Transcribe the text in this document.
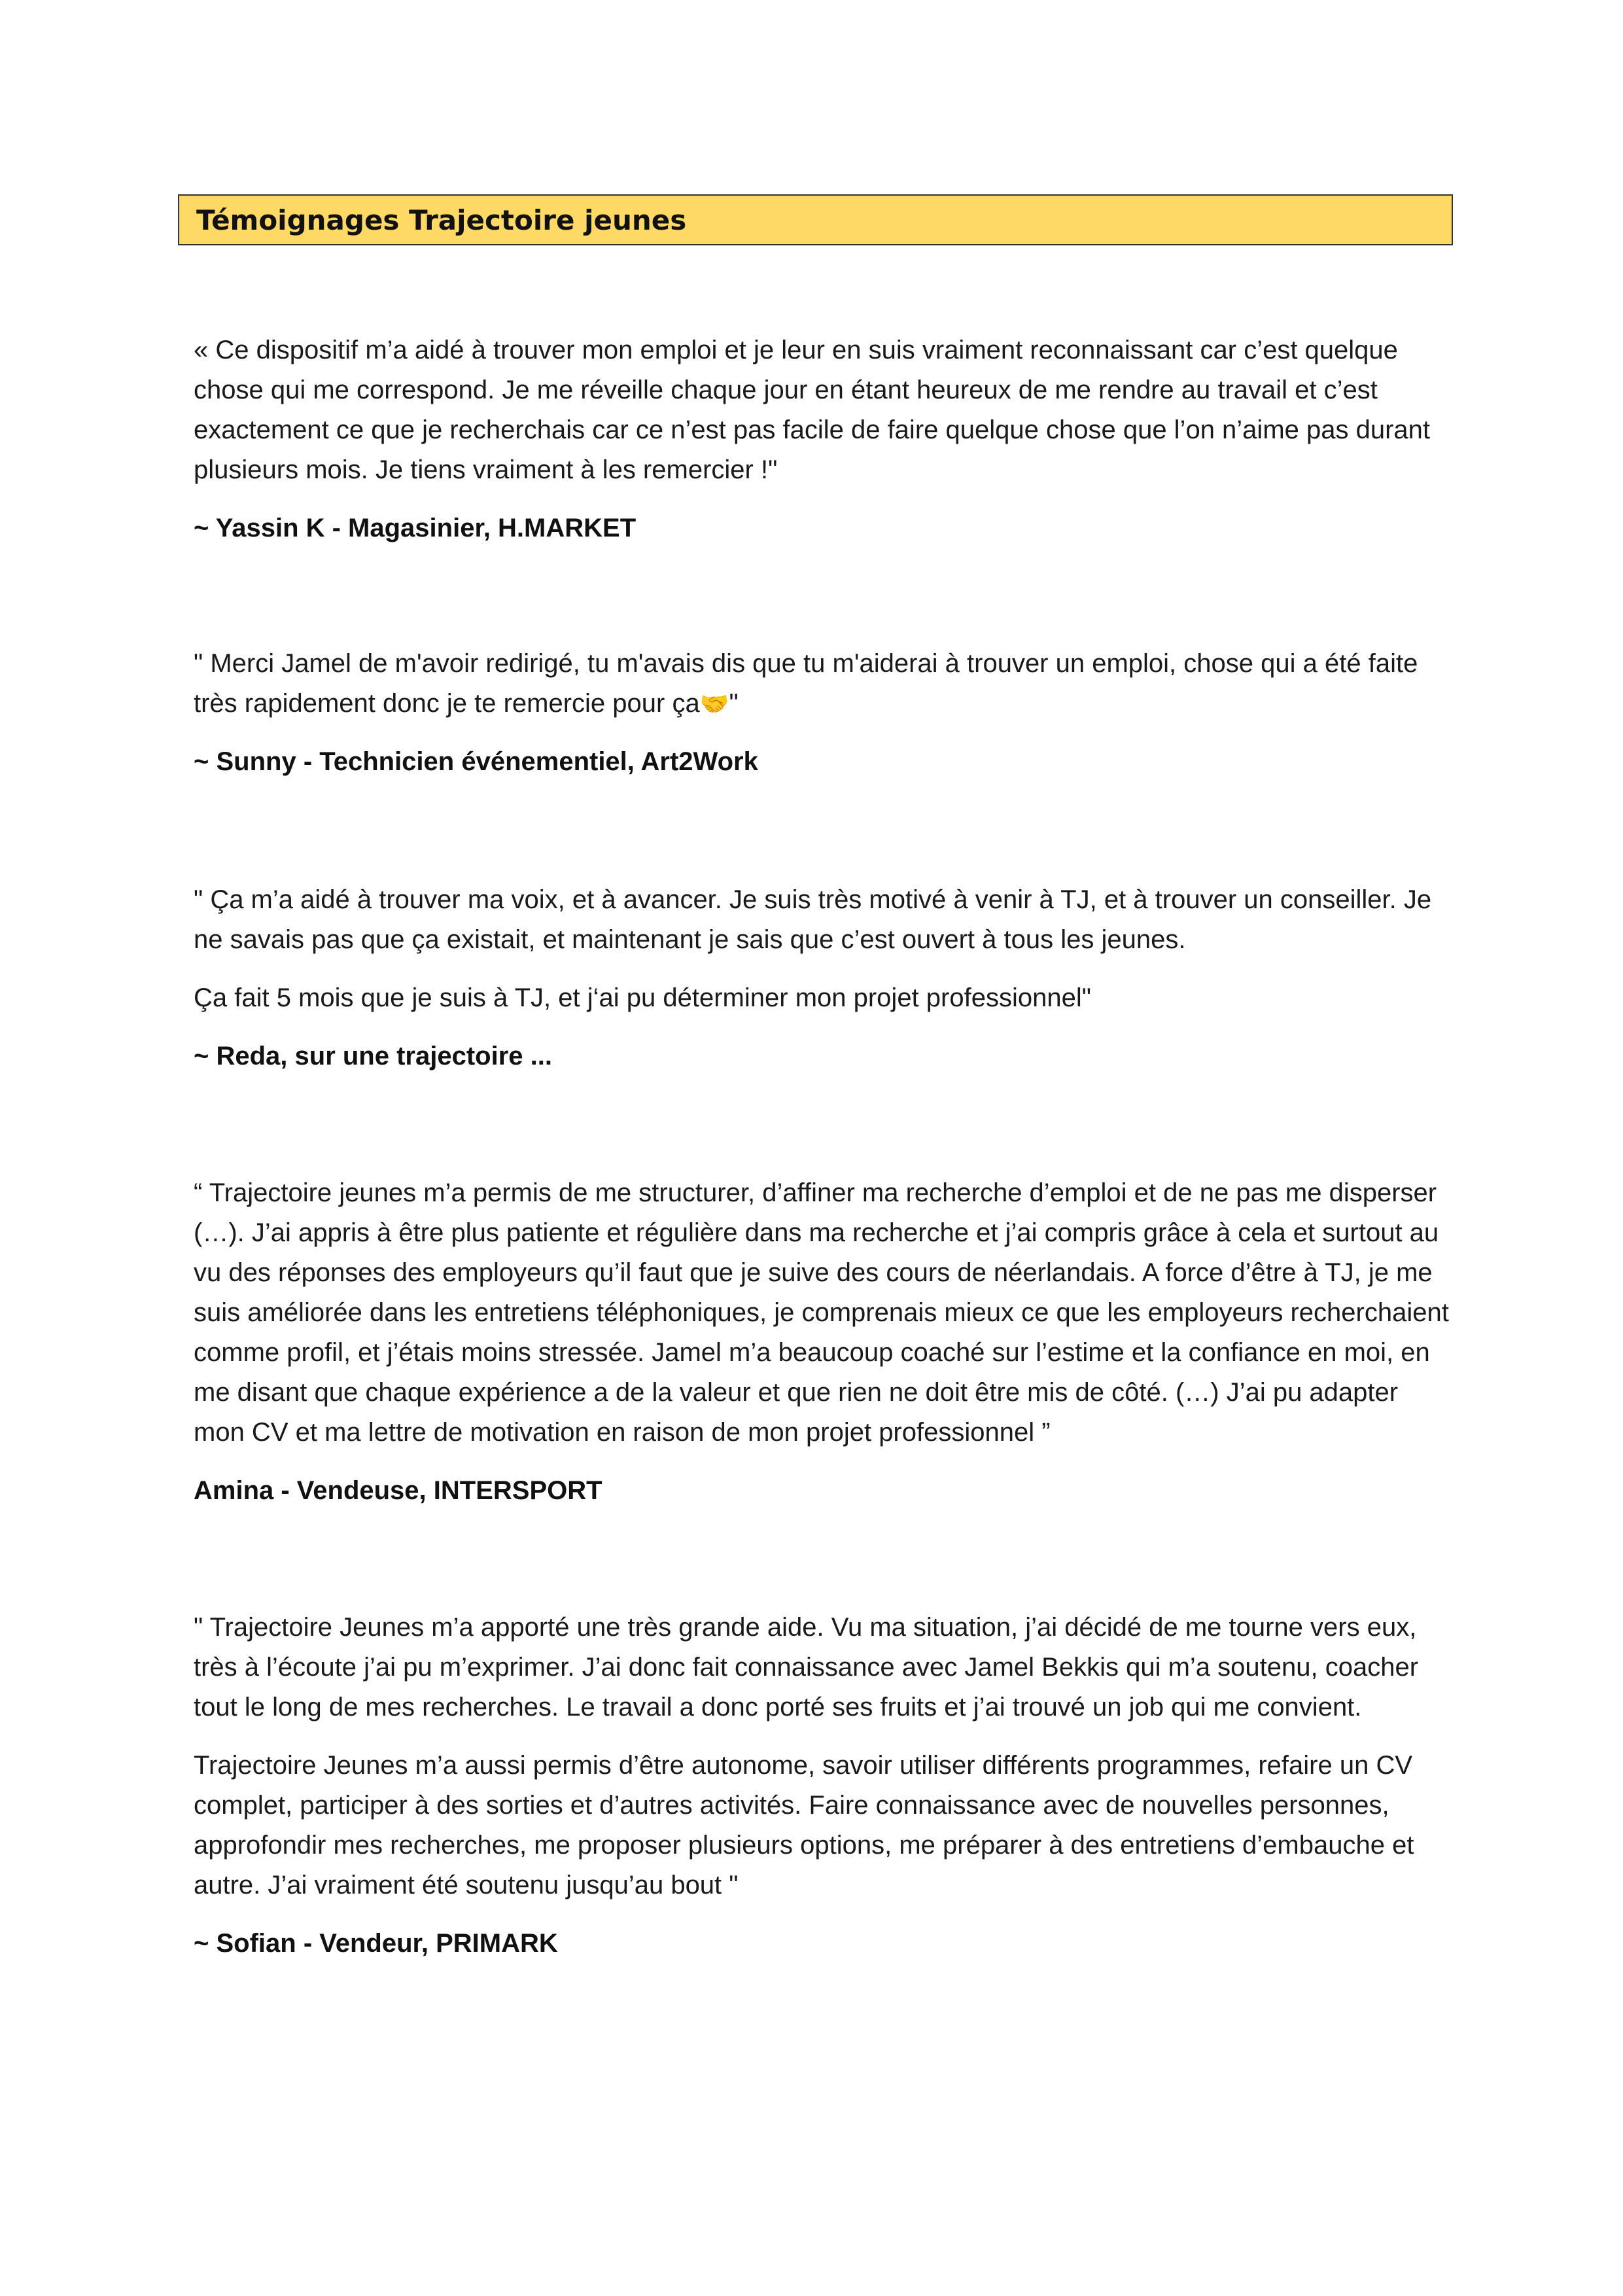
Témoignages Trajectoire jeunes

« Ce dispositif m’a aidé à trouver mon emploi et je leur en suis vraiment reconnaissant car c’est quelque chose qui me correspond. Je me réveille chaque jour en étant heureux de me rendre au travail et c’est exactement ce que je recherchais car ce n’est pas facile de faire quelque chose que l’on n’aime pas durant plusieurs mois. Je tiens vraiment à les remercier !"

~ Yassin K - Magasinier, H.MARKET

" Merci Jamel de m'avoir redirigé, tu m'avais dis que tu m'aiderai à trouver un emploi, chose qui a été faite très rapidement donc je te remercie pour ça🤝"

~ Sunny - Technicien événementiel, Art2Work

" Ça m’a aidé à trouver ma voix, et à avancer. Je suis très motivé à venir à TJ, et à trouver un conseiller. Je ne savais pas que ça existait, et maintenant je sais que c’est ouvert à tous les jeunes.

Ça fait 5 mois que je suis à TJ, et j‘ai pu déterminer mon projet professionnel"

~ Reda, sur une trajectoire ...

“ Trajectoire jeunes m’a permis de me structurer, d’affiner ma recherche d’emploi et de ne pas me disperser (…). J’ai appris à être plus patiente et régulière dans ma recherche et j’ai compris grâce à cela et surtout au vu des réponses des employeurs qu’il faut que je suive des cours de néerlandais. A force d’être à TJ, je me suis améliorée dans les entretiens téléphoniques, je comprenais mieux ce que les employeurs recherchaient comme profil, et j’étais moins stressée. Jamel m’a beaucoup coaché sur l’estime et la confiance en moi, en me disant que chaque expérience a de la valeur et que rien ne doit être mis de côté. (…) J’ai pu adapter mon CV et ma lettre de motivation en raison de mon projet professionnel ”

Amina - Vendeuse, INTERSPORT

" Trajectoire Jeunes m’a apporté une très grande aide. Vu ma situation, j’ai décidé de me tourne vers eux, très à l’écoute j’ai pu m’exprimer. J’ai donc fait connaissance avec Jamel Bekkis qui m’a soutenu, coacher tout le long de mes recherches. Le travail a donc porté ses fruits et j’ai trouvé un job qui me convient.

Trajectoire Jeunes m’a aussi permis d’être autonome, savoir utiliser différents programmes, refaire un CV complet, participer à des sorties et d’autres activités. Faire connaissance avec de nouvelles personnes, approfondir mes recherches, me proposer plusieurs options, me préparer à des entretiens d’embauche et autre. J’ai vraiment été soutenu jusqu’au bout "

~ Sofian - Vendeur, PRIMARK
